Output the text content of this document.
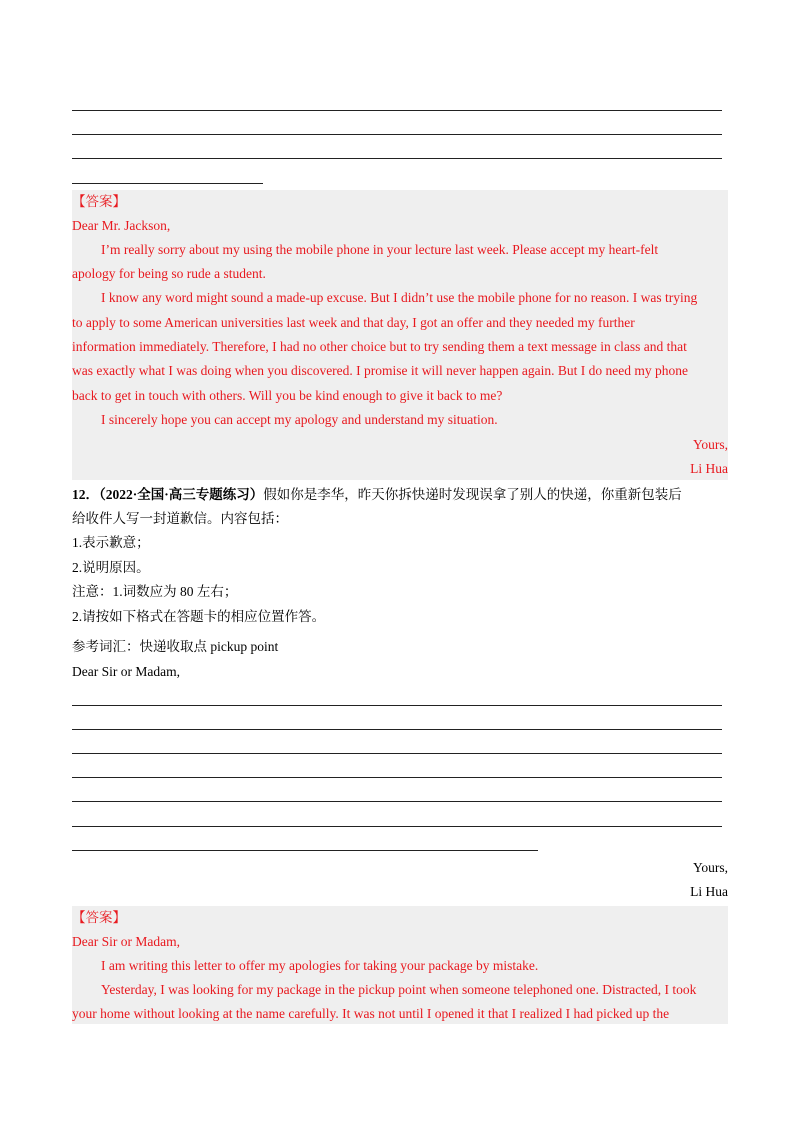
【答案】
Dear Mr. Jackson,
I’m really sorry about my using the mobile phone in your lecture last week. Please accept my heart-felt
apology for being so rude a student.
I know any word might sound a made-up excuse. But I didn’t use the mobile phone for no reason. I was trying
to apply to some American universities last week and that day, I got an offer and they needed my further
information immediately. Therefore, I had no other choice but to try sending them a text message in class and that
was exactly what I was doing when you discovered. I promise it will never happen again. But I do need my phone
back to get in touch with others. Will you be kind enough to give it back to me?
I sincerely hope you can accept my apology and understand my situation.
Yours,
Li Hua
12．（2022·全国·高三专题练习）假如你是李华，昨天你拆快递时发现误拿了别人的快递，你重新包装后
给收件人写一封道歉信。内容包括：
1.表示歉意；
2.说明原因。
注意：1.词数应为 80 左右；
2.请按如下格式在答题卡的相应位置作答。
参考词汇：快递收取点 pickup point
Dear Sir or Madam,
Yours,
Li Hua
【答案】
Dear Sir or Madam,
I am writing this letter to offer my apologies for taking your package by mistake.
Yesterday, I was looking for my package in the pickup point when someone telephoned one. Distracted, I took
your home without looking at the name carefully. It was not until I opened it that I realized I had picked up the
